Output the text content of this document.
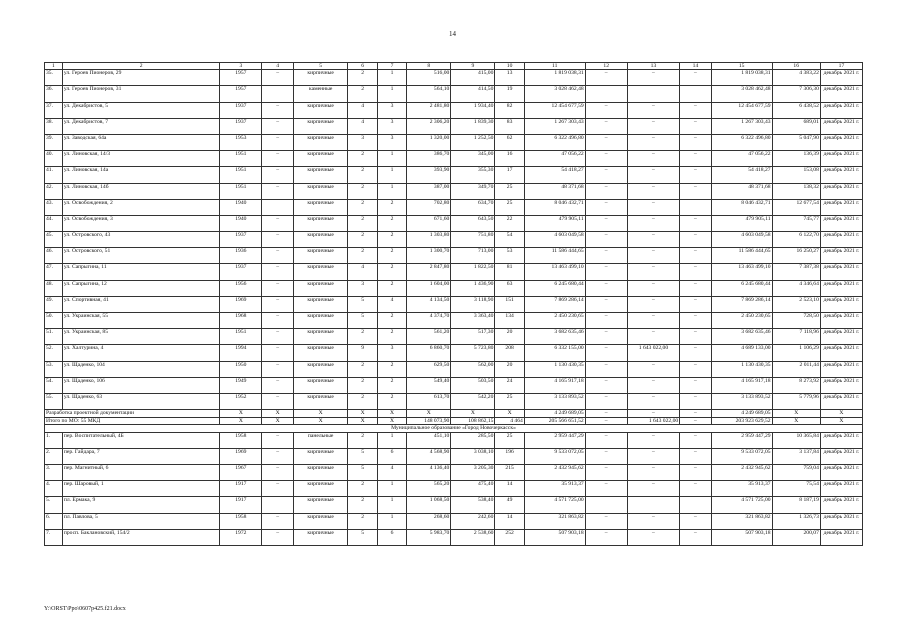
14
1	2	3	4	5	6	7	8	9	10	11	12	13	14	15	16	17
35.	ул. Героев Пионеров, 29	1957	–	кирпичные	2	1	516,00	415,00	13	1 819 038,31	–	–	–	1 819 038,31	4 383,22	декабрь 2021 г.
36.	ул. Героев Пионеров, 31	1957		каменные	2	1	564,10	414,50	19	3 028 462,48				3 028 462,48	7 306,30	декабрь 2021 г.
37.	ул. Декабристов, 5	1937	–	кирпичные	4	3	2 481,80	1 934,40	82	12 454 677,59	–	–	–	12 454 677,59	6 438,52	декабрь 2021 г.
38.	ул. Декабристов, 7	1937	–	кирпичные	4	3	2 306,20	1 839,30	83	1 267 303,43	–	–	–	1 267 303,43	689,01	декабрь 2021 г.
39.	ул. Заводская, 64а	1953	–	кирпичные	3	3	1 320,00	1 252,50	62	6 322 496,80	–	–	–	6 322 496,80	5 047,90	декабрь 2021 г.
40.	ул. Линовская, 14/3	1951	–	кирпичные	2	1	386,70	345,00	16	47 056,22	–	–	–	47 056,22	136,39	декабрь 2021 г.
41.	ул. Линовская, 14а	1951	–	кирпичные	2	1	393,90	355,30	17	54 418,27	–	–	–	54 418,27	153,08	декабрь 2021 г.
42.	ул. Линовская, 14б	1951	–	кирпичные	2	1	387,00	349,70	25	48 371,68	–	–	–	48 371,68	138,32	декабрь 2021 г.
43.	ул. Освобождения, 2	1940		кирпичные	2	2	702,80	634,70	25	8 046 432,71	–	–		8 046 432,71	12 677,54	декабрь 2021 г.
44.	ул. Освобождения, 3	1940	–	кирпичные	2	2	671,60	643,50	22	479 905,11	–	–	–	479 905,11	745,77	декабрь 2021 г.
45.	ул. Островского, 43	1937	–	кирпичные	2	2	1 303,80	751,80	54	4 603 049,58	–	–	–	4 603 049,58	6 122,70	декабрь 2021 г.
46.	ул. Островского, 51	1936	–	кирпичные	2	2	1 300,70	713,00	53	11 586 444,65	–	–	–	11 586 444,65	16 250,27	декабрь 2021 г.
47.	ул. Сапрыгина, 11	1937	–	кирпичные	4	2	2 847,80	1 822,50	81	13 463 499,10	–	–	–	13 463 499,10	7 387,38	декабрь 2021 г.
48.	ул. Сапрыгина, 12	1956	–	кирпичные	3	2	1 604,00	1 436,90	63	6 245 680,44	–	–	–	6 245 680,44	4 346,64	декабрь 2021 г.
49.	ул. Спортивная, 41	1969	–	кирпичные	5	4	4 134,50	3 118,90	151	7 869 286,14	–	–	–	7 869 286,14	2 523,10	декабрь 2021 г.
50.	ул. Украинская, 55	1968	–	кирпичные	5	2	4 374,70	3 363,40	134	2 450 230,65	–	–	–	2 450 230,65	728,50	декабрь 2021 г.
51.	ул. Украинская, 85	1951	–	кирпичные	2	2	561,20	517,30	20	3 682 635,46	–	–	–	3 682 635,46	7 118,96	декабрь 2021 г.
52.	ул. Халтурина, 4	1994	–	кирпичные	9	3	6 860,70	5 723,80	208	6 332 155,00	–	1 643 022,00	–	4 689 133,00	1 106,29	декабрь 2021 г.
53.	ул. Щаденко, 104	1950	–	кирпичные	2	2	629,50	562,00	20	1 130 430,35	–	–	–	1 130 430,35	2 011,44	декабрь 2021 г.
54.	ул. Щаденко, 106	1949	–	кирпичные	2	2	549,40	503,50	24	4 165 917,18	–	–	–	4 165 917,18	8 273,92	декабрь 2021 г.
55.	ул. Щаденко, 63	1952	–	кирпичные	2	2	613,70	542,20	25	3 133 893,52	–	–	–	3 133 893,52	5 779,96	декабрь 2021 г.
Разработка проектной документации		X	X	X	X	X	X	X	X	4 249 689,05	–	–	–	4 249 689,05	X	X
Итого по МО: 55 МКД		X	X	X	X	X	148 073,90	108 862,15	4 464	205 566 651,52	–	1 643 022,00	–	203 923 629,52	X	X
Муниципальное образование «Город Новочеркасск»																
1.	пер. Воспитательный, 4Б	1958	–	панельные	2	1	451,10	285,50	25	2 959 447,29	–	–	–	2 959 447,29	10 365,84	декабрь 2021 г.
2.	пер. Гайдара, 7	1969	–	кирпичные	5	6	4 568,90	3 038,10	196	9 533 072,05	–	–	–	9 533 072,05	3 137,84	декабрь 2021 г.
3.	пер. Магнитный, 6	1967	–	кирпичные	5	4	4 136,40	3 205,30	215	2 432 945,62	–	–	–	2 432 945,62	759,04	декабрь 2021 г.
4.	пер. Шаровый, 1	1917	–	кирпичные	2	1	565,20	475,40	14	35 913,37	–	–	–	35 913,37	75,54	декабрь 2021 г.
5.	пл. Ермака, 9	1917		кирпичные	2	1	1 068,50	538,40	49	4 571 725,00				4 571 725,00	8 187,19	декабрь 2021 г.
6.	пл. Павлова, 5	1958	–	кирпичные	2	1	268,60	242,60	14	321 863,82	–	–	–	321 863,82	1 326,73	декабрь 2021 г.
7.	просп. Баклановский, 154/2	1972	–	кирпичные	5	6	5 983,70	2 538,60	252	507 903,18	–	–	–	507 903,18	200,07	декабрь 2021 г.
Y:\ORST\Ppo\0607p425.f21.docx
